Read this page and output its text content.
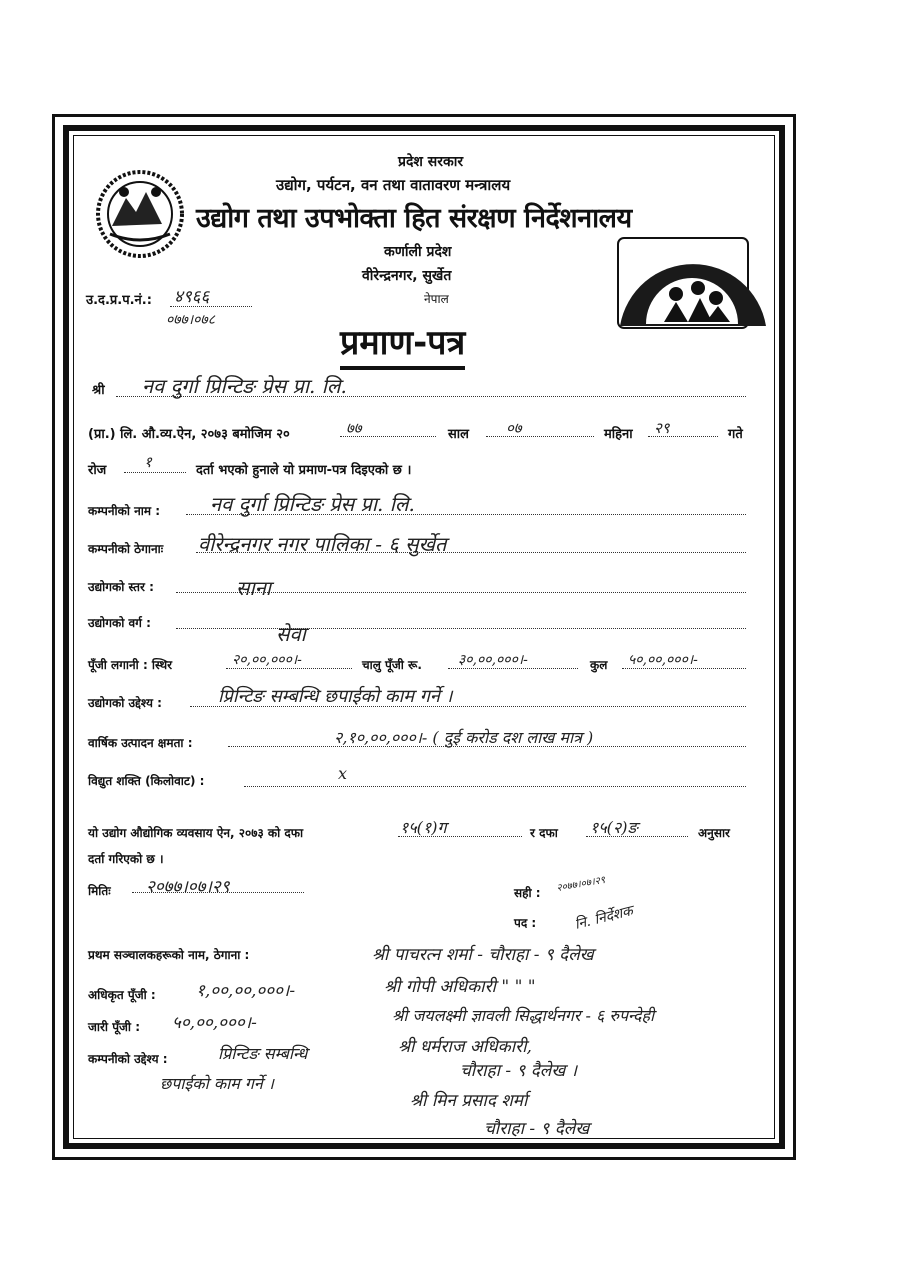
प्रदेश सरकार
उद्योग, पर्यटन, वन तथा वातावरण मन्त्रालय
उद्योग तथा उपभोक्ता हित संरक्षण निर्देशनालय
कर्णाली प्रदेश
वीरेन्द्रनगर, सुर्खेत
नेपाल
उ.द.प्र.प.नं.: ४९६६
०७७।०७८
प्रमाण-पत्र
श्री नव दुर्गा प्रिन्टिङ प्रेस प्रा. लि.
(प्रा.) लि. औ.व्य.ऐन, २०७३ बमोजिम २०	७७	साल ०७	महिना २९	गते
रोज	१	दर्ता भएको हुनाले यो प्रमाण-पत्र दिइएको छ ।
कम्पनीको नाम : नव दुर्गा प्रिन्टिङ प्रेस प्रा. लि.
कम्पनीको ठेगानाः वीरेन्द्रनगर नगर पालिका - ६ सुर्खेत
उद्योगको स्तर :	साना
उद्योगको वर्ग :	सेवा
पूँजी लगानी : स्थिर	२०,००,०००।-	चालु पूँजी रू.	३०,००,०००।-	कुल ५०,००,०००।-
उद्योगको उद्देश्य :	प्रिन्टिङ सम्बन्धि छपाईको काम गर्ने ।
वार्षिक उत्पादन क्षमता :	२,१०,००,०००।- ( दुई करोड दश लाख मात्र )
विद्युत शक्ति (किलोवाट) :	x
यो उद्योग औद्योगिक व्यवसाय ऐन, २०७३ को दफा	१५(१)ग	र दफा १५(२)ङ	अनुसार
दर्ता गरिएको छ ।
मितिः २०७७।०७।२९	सही : २०७७।०७।२९
पद :	नि. निर्देशक
प्रथम सञ्चालकहरूको नाम, ठेगाना :	श्री पाचरत्न शर्मा - चौराहा - ९ दैलेख
श्री गोपी अधिकारी " " "
श्री जयलक्ष्मी ज्ञावली सिद्धार्थनगर - ६ रुपन्देही
श्री धर्मराज अधिकारी,
चौराहा - ९ दैलेख ।
श्री मिन प्रसाद शर्मा
चौराहा - ९ दैलेख
अधिकृत पूँजी : १,००,००,०००।-
जारी पूँजी : ५०,००,०००।-
कम्पनीको उद्देश्य :	प्रिन्टिङ सम्बन्धि
छपाईको काम गर्ने ।
